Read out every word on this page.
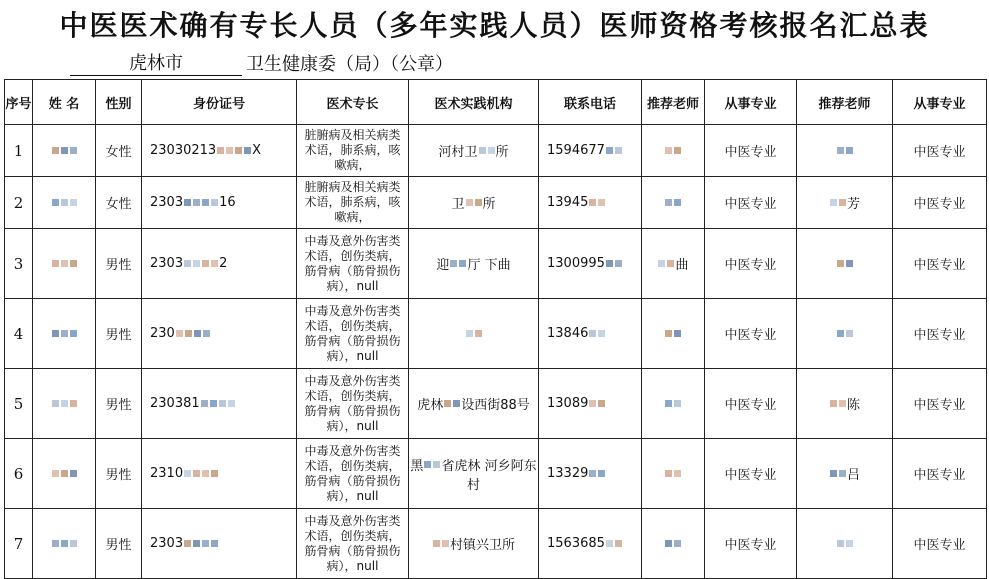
中医医术确有专长人员（多年实践人员）医师资格考核报名汇总表
虎林市	卫生健康委（局）（公章）
序号	姓 名	性别	身份证号	医术专长	医术实践机构	联系电话	推荐老师	从事专业	推荐老师	从事专业
1		女性	23030213 X	脏腑病及相关病类术语，肺系病，咳嗽病，	河村卫 所	1594677		中医专业		中医专业
2		女性	2303 16	脏腑病及相关病类术语，肺系病，咳嗽病，	卫 所	13945		中医专业	芳	中医专业
3		男性	2303 2	中毒及意外伤害类术语，创伤类病，筋骨病（筋骨损伤病），null	迎 厅 下曲	1300995	曲	中医专业		中医专业
4		男性	230	中毒及意外伤害类术语，创伤类病，筋骨病（筋骨损伤病），null		13846		中医专业		中医专业
5		男性	230381	中毒及意外伤害类术语，创伤类病，筋骨病（筋骨损伤病），null	虎林 设西街88号	13089		中医专业	陈	中医专业
6		男性	2310	中毒及意外伤害类术语，创伤类病，筋骨病（筋骨损伤病），null	黑 省虎林 河乡阿东村	13329		中医专业	吕	中医专业
7		男性	2303	中毒及意外伤害类术语，创伤类病，筋骨病（筋骨损伤病），null	村镇兴卫所	1563685		中医专业		中医专业
